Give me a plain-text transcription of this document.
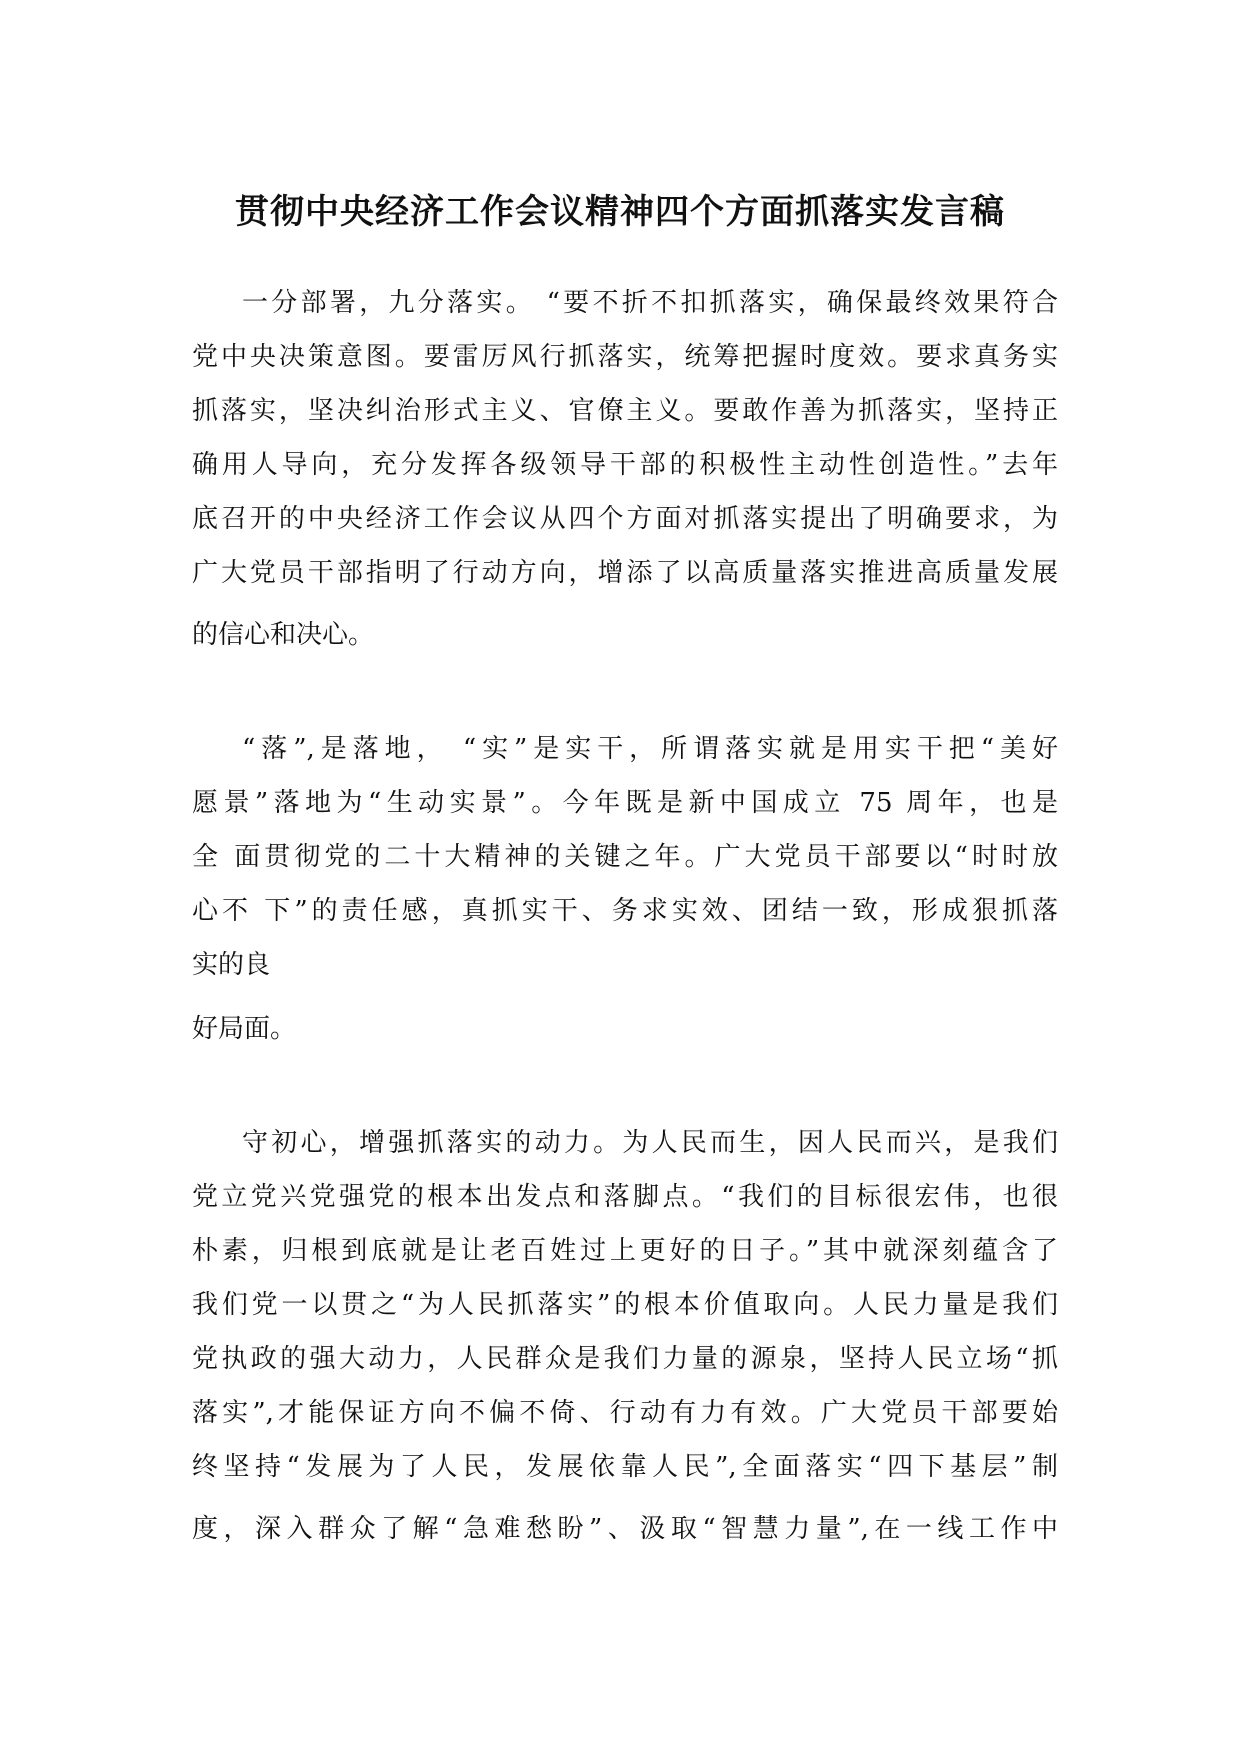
贯彻中央经济工作会议精神四个方面抓落实发言稿

一分部署，九分落实。 “要不折不扣抓落实，确保最终效果符合

党中央决策意图。要雷厉风行抓落实，统筹把握时度效。要求真务实

抓落实，坚决纠治形式主义、官僚主义。要敢作善为抓落实，坚持正

确用人导向，充分发挥各级领导干部的积极性主动性创造性。”去年

底召开的中央经济工作会议从四个方面对抓落实提出了明确要求，为

广大党员干部指明了行动方向，增添了以高质量落实推进高质量发展

的信心和决心。

“落”,是落地， “实”是实干，所谓落实就是用实干把“美好

愿景”落地为“生动实景”。今年既是新中国成立 75 周年，也是

全 面贯彻党的二十大精神的关键之年。广大党员干部要以“时时放

心不 下”的责任感，真抓实干、务求实效、团结一致，形成狠抓落

实的良

好局面。

守初心，增强抓落实的动力。为人民而生，因人民而兴，是我们

党立党兴党强党的根本出发点和落脚点。“我们的目标很宏伟，也很

朴素，归根到底就是让老百姓过上更好的日子。”其中就深刻蕴含了

我们党一以贯之“为人民抓落实”的根本价值取向。人民力量是我们

党执政的强大动力，人民群众是我们力量的源泉，坚持人民立场“抓

落实”,才能保证方向不偏不倚、行动有力有效。广大党员干部要始

终坚持“发展为了人民，发展依靠人民”,全面落实“四下基层”制

度，深入群众了解“急难愁盼”、汲取“智慧力量”,在一线工作中
